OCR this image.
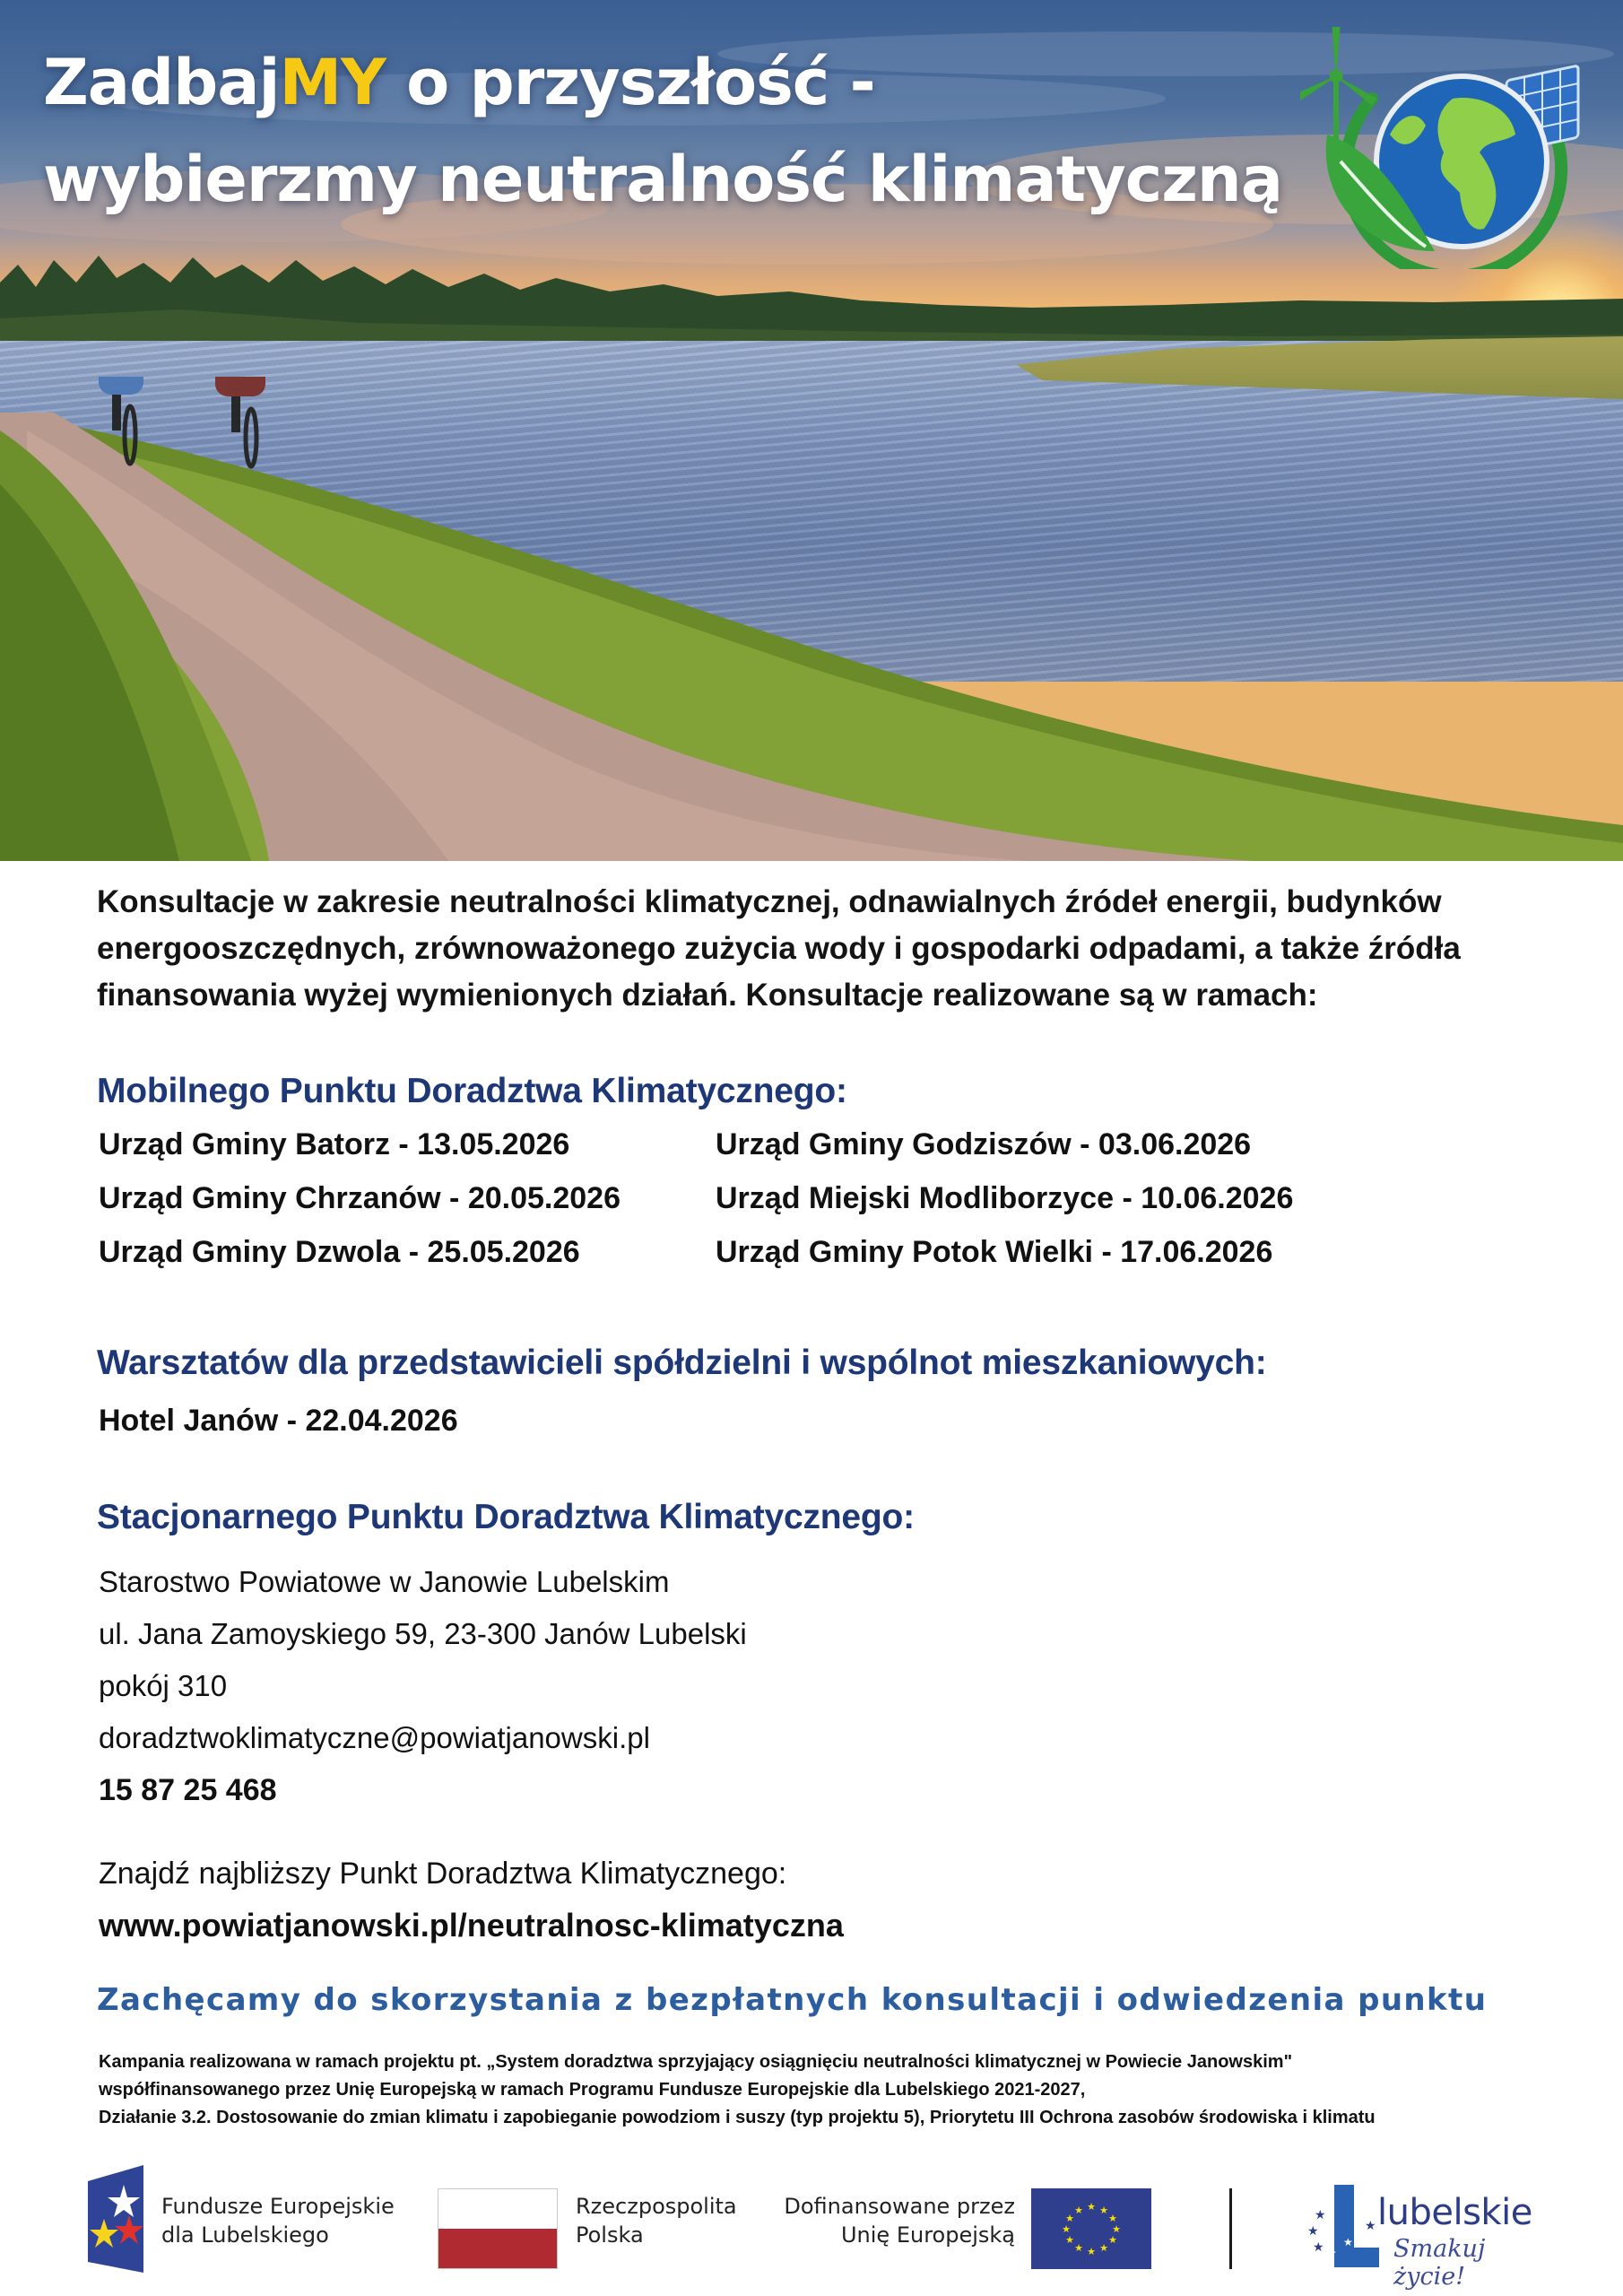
ZadbajMY o przyszłość -
wybierzmy neutralność klimatyczną

Konsultacje w zakresie neutralności klimatycznej, odnawialnych źródeł energii, budynków energooszczędnych, zrównoważonego zużycia wody i gospodarki odpadami, a także źródła finansowania wyżej wymienionych działań. Konsultacje realizowane są w ramach:

Mobilnego Punktu Doradztwa Klimatycznego:
Urząd Gminy Batorz - 13.05.2026	Urząd Gminy Godziszów - 03.06.2026
Urząd Gminy Chrzanów - 20.05.2026	Urząd Miejski Modliborzyce - 10.06.2026
Urząd Gminy Dzwola - 25.05.2026	Urząd Gminy Potok Wielki - 17.06.2026
Warsztatów dla przedstawicieli spółdzielni i wspólnot mieszkaniowych:
Hotel Janów - 22.04.2026
Stacjonarnego Punktu Doradztwa Klimatycznego:
Starostwo Powiatowe w Janowie Lubelskim
ul. Jana Zamoyskiego 59, 23-300 Janów Lubelski
pokój 310
doradztwoklimatyczne@powiatjanowski.pl
15 87 25 468
Znajdź najbliższy Punkt Doradztwa Klimatycznego:
www.powiatjanowski.pl/neutralnosc-klimatyczna
Zachęcamy do skorzystania z bezpłatnych konsultacji i odwiedzenia punktu
Kampania realizowana w ramach projektu pt. „System doradztwa sprzyjający osiągnięciu neutralności klimatycznej w Powiecie Janowskim"
współfinansowanego przez Unię Europejską w ramach Programu Fundusze Europejskie dla Lubelskiego 2021-2027,
Działanie 3.2. Dostosowanie do zmian klimatu i zapobieganie powodziom i suszy (typ projektu 5), Priorytetu III Ochrona zasobów środowiska i klimatu
Fundusze Europejskie
dla Lubelskiego
Rzeczpospolita
Polska
Dofinansowane przez
Unię Europejską
★ ★
★
★
★
★
★
★
★
★
★
★	★
★
★
★
★
★
lubelskie
Smakuj życie!
